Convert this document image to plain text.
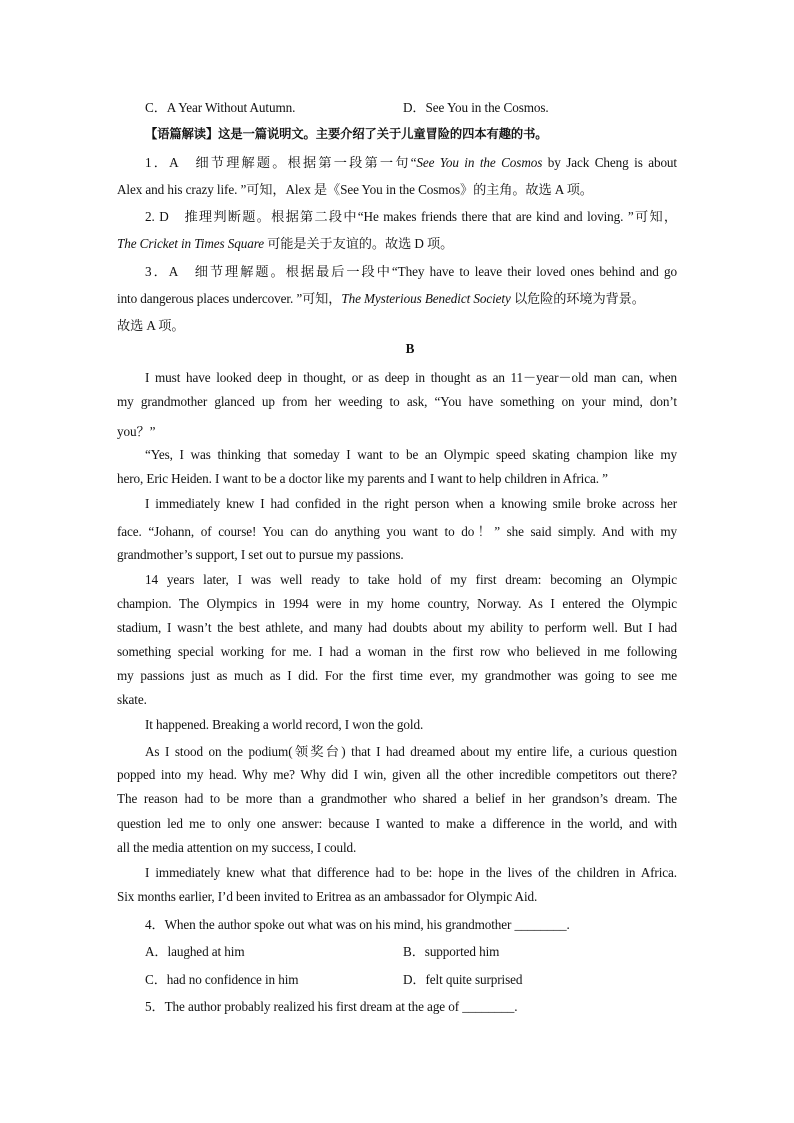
C．A Year Without Autumn.	D．See You in the Cosmos.
【语篇解读】这是一篇说明文。主要介绍了关于儿童冒险的四本有趣的书。
1．A　细节理解题。根据第一段第一句“See You in the Cosmos by Jack Cheng is about
Alex and his crazy life. ”可知，Alex 是《See You in the Cosmos》的主角。故选 A 项。
2. D　推理判断题。根据第二段中“He makes friends there that are kind and loving. ”可知，
The Cricket in Times Square 可能是关于友谊的。故选 D 项。
3．A　细节理解题。根据最后一段中“They have to leave their loved ones behind and go
into dangerous places undercover. ”可知，The Mysterious Benedict Society 以危险的环境为背景。
故选 A 项。
B
I must have looked deep in thought, or as deep in thought as an 11－year－old man can, when
my grandmother glanced up from her weeding to ask, “You have something on your mind, don’t
you？”
“Yes, I was thinking that someday I want to be an Olympic speed skating champion like my
hero, Eric Heiden. I want to be a doctor like my parents and I want to help children in Africa. ”
I immediately knew I had confided in the right person when a knowing smile broke across her
face. “Johann, of course! You can do anything you want to do！” she said simply. And with my
grandmother’s support, I set out to pursue my passions.
14 years later, I was well ready to take hold of my first dream: becoming an Olympic
champion. The Olympics in 1994 were in my home country, Norway. As I entered the Olympic
stadium, I wasn’t the best athlete, and many had doubts about my ability to perform well. But I had
something special working for me. I had a woman in the first row who believed in me following
my passions just as much as I did. For the first time ever, my grandmother was going to see me
skate.
It happened. Breaking a world record, I won the gold.
As I stood on the podium(领奖台) that I had dreamed about my entire life, a curious question
popped into my head. Why me? Why did I win, given all the other incredible competitors out there?
The reason had to be more than a grandmother who shared a belief in her grandson’s dream. The
question led me to only one answer: because I wanted to make a difference in the world, and with
all the media attention on my success, I could.
I immediately knew what that difference had to be: hope in the lives of the children in Africa.
Six months earlier, I’d been invited to Eritrea as an ambassador for Olympic Aid.
4．When the author spoke out what was on his mind, his grandmother ________.
A．laughed at him	B．supported him
C．had no confidence in him	D．felt quite surprised
5．The author probably realized his first dream at the age of ________.
